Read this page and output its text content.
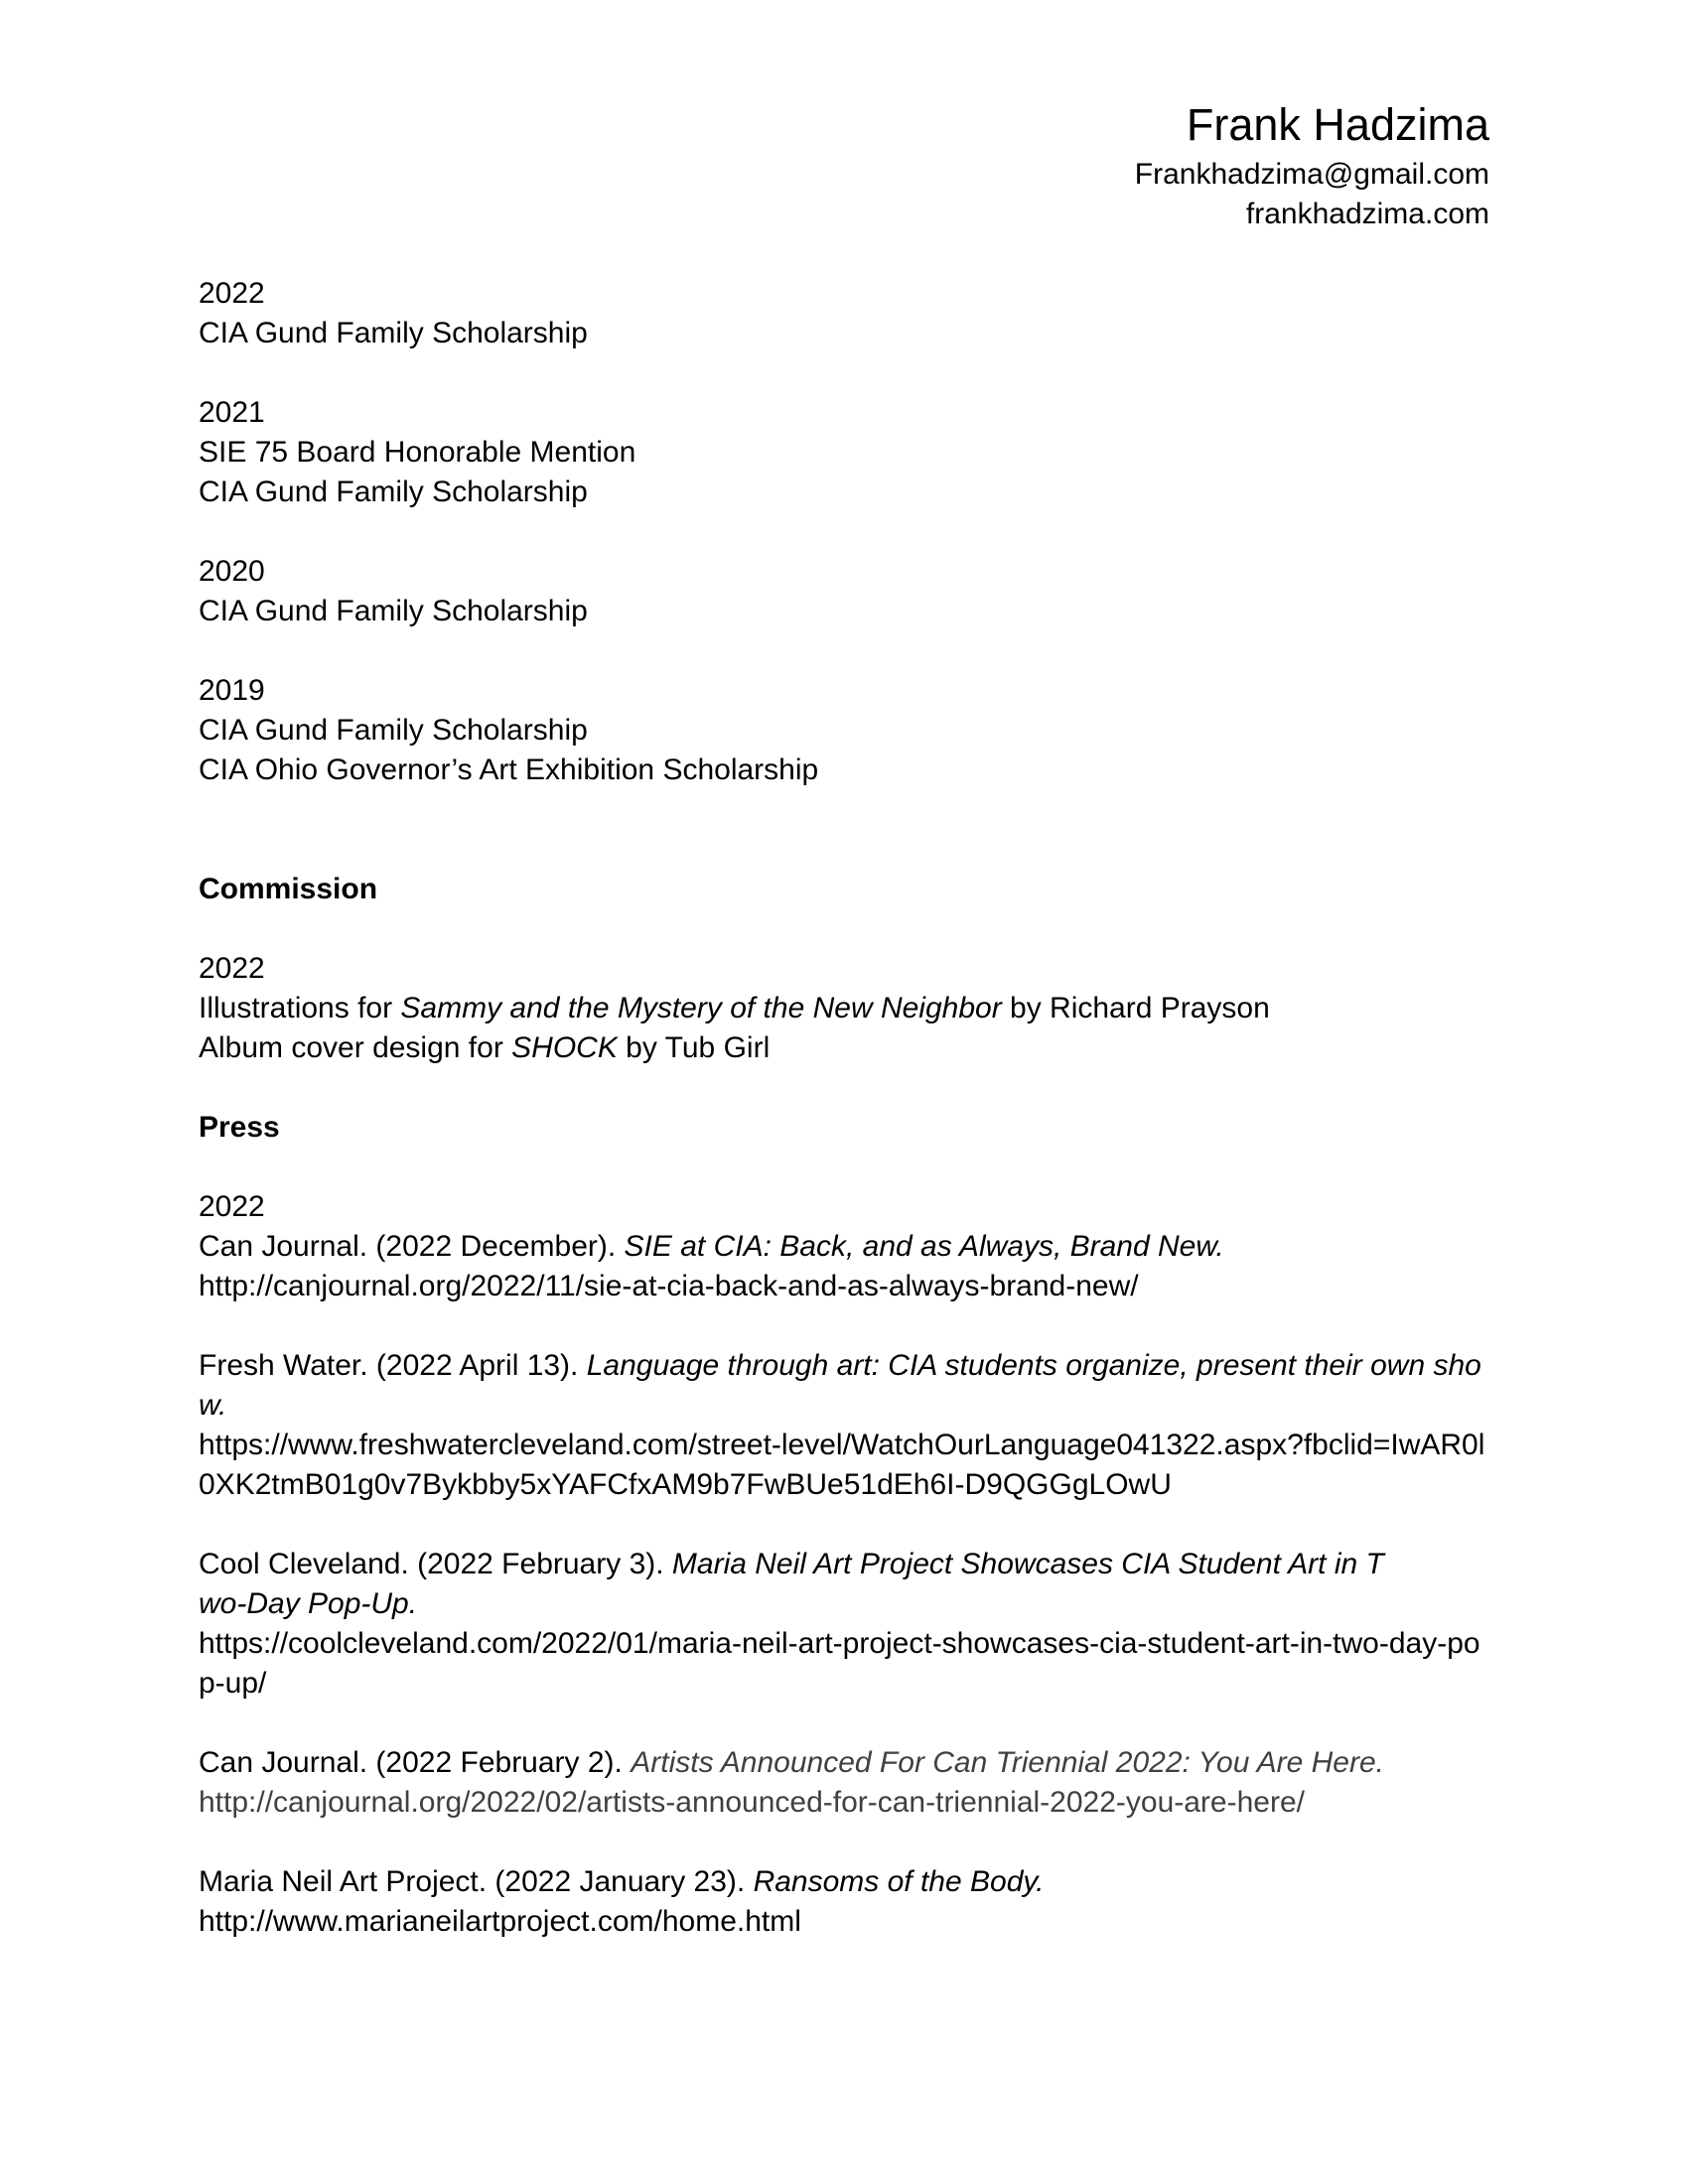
Frank Hadzima
Frankhadzima@gmail.com
frankhadzima.com
2022
CIA Gund Family Scholarship
2021
SIE 75 Board Honorable Mention
CIA Gund Family Scholarship
2020
CIA Gund Family Scholarship
2019
CIA Gund Family Scholarship
CIA Ohio Governor’s Art Exhibition Scholarship
Commission
2022
Illustrations for Sammy and the Mystery of the New Neighbor by Richard Prayson
Album cover design for SHOCK by Tub Girl
Press
2022
Can Journal. (2022 December). SIE at CIA: Back, and as Always, Brand New.
http://canjournal.org/2022/11/sie-at-cia-back-and-as-always-brand-new/
Fresh Water. (2022 April 13). Language through art: CIA students organize, present their own show.
https://www.freshwatercleveland.com/street-level/WatchOurLanguage041322.aspx?fbclid=IwAR0l0XK2tmB01g0v7Bykbby5xYAFCfxAM9b7FwBUe51dEh6I-D9QGGgLOwU
Cool Cleveland. (2022 February 3). Maria Neil Art Project Showcases CIA Student Art in Two-Day Pop-Up.
https://coolcleveland.com/2022/01/maria-neil-art-project-showcases-cia-student-art-in-two-day-pop-up/
Can Journal. (2022 February 2). Artists Announced For Can Triennial 2022: You Are Here.
http://canjournal.org/2022/02/artists-announced-for-can-triennial-2022-you-are-here/
Maria Neil Art Project. (2022 January 23). Ransoms of the Body.
http://www.marianeilartproject.com/home.html
